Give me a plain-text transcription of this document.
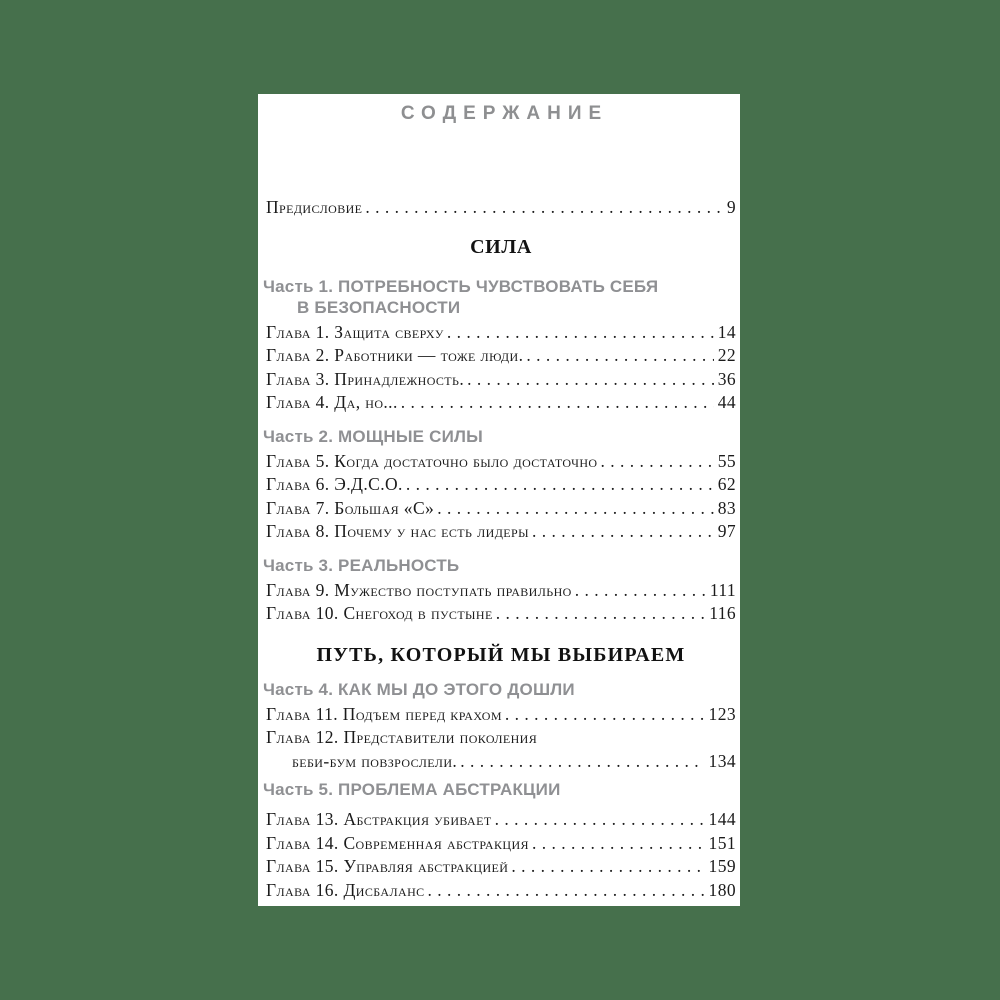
СОДЕРЖАНИЕ
Предисловие . . .	9
СИЛА
Часть 1. ПОТРЕБНОСТЬ ЧУВСТВОВАТЬ СЕБЯ
В БЕЗОПАСНОСТИ
Глава 1. Защита сверху . . .	14
Глава 2. Работники — тоже люди. . . .	22
Глава 3. Принадлежность. . . .	36
Глава 4. Да, но... . . .	44
Часть 2. МОЩНЫЕ СИЛЫ
Глава 5. Когда достаточно было достаточно . . .	55
Глава 6. Э.Д.С.О. . . .	62
Глава 7. Большая «С» . . .	83
Глава 8. Почему у нас есть лидеры . . .	97
Часть 3. РЕАЛЬНОСТЬ
Глава 9. Мужество поступать правильно . . .	111
Глава 10. Снегоход в пустыне . . .	116
ПУТЬ, КОТОРЫЙ МЫ ВЫБИРАЕМ
Часть 4. КАК МЫ ДО ЭТОГО ДОШЛИ
Глава 11. Подъем перед крахом . . .	123
Глава 12. Представители поколения
беби-бум повзрослели. . . .	134
Часть 5. ПРОБЛЕМА АБСТРАКЦИИ
Глава 13. Абстракция убивает . . .	144
Глава 14. Современная абстракция . . .	151
Глава 15. Управляя абстракцией . . .	159
Глава 16. Дисбаланс . . .	180
